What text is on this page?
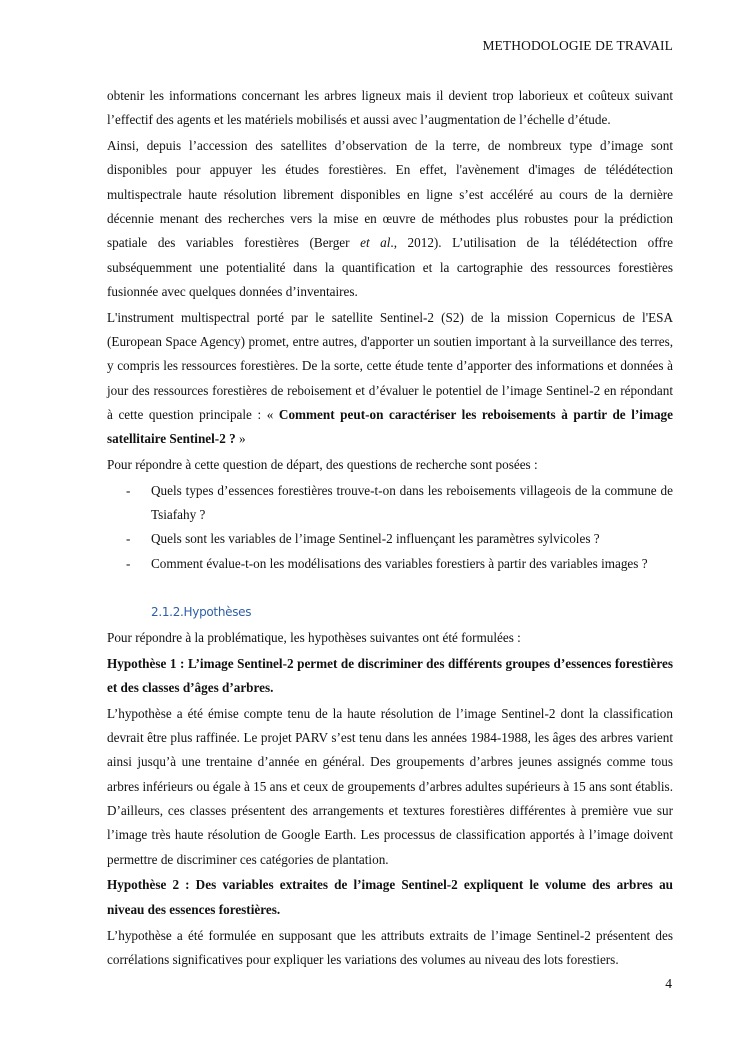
METHODOLOGIE DE TRAVAIL

obtenir les informations concernant les arbres ligneux mais il devient trop laborieux et coûteux suivant l’effectif des agents et les matériels mobilisés et aussi avec l’augmentation de l’échelle d’étude.

Ainsi, depuis l’accession des satellites d’observation de la terre, de nombreux type d’image sont disponibles pour appuyer les études forestières. En effet, l'avènement d'images de télédétection multispectrale haute résolution librement disponibles en ligne s’est accéléré au cours de la dernière décennie menant des recherches vers la mise en œuvre de méthodes plus robustes pour la prédiction spatiale des variables forestières (Berger et al., 2012). L’utilisation de la télédétection offre subséquemment une potentialité dans la quantification et la cartographie des ressources forestières fusionnée avec quelques données d’inventaires.

L'instrument multispectral porté par le satellite Sentinel-2 (S2) de la mission Copernicus de l'ESA (European Space Agency) promet, entre autres, d'apporter un soutien important à la surveillance des terres, y compris les ressources forestières. De la sorte, cette étude tente d’apporter des informations et données à jour des ressources forestières de reboisement et d’évaluer le potentiel de l’image Sentinel-2 en répondant à cette question principale : « Comment peut-on caractériser les reboisements à partir de l’image satellitaire Sentinel-2 ? »

Pour répondre à cette question de départ, des questions de recherche sont posées :

- Quels types d’essences forestières trouve-t-on dans les reboisements villageois de la commune de Tsiafahy ?
- Quels sont les variables de l’image Sentinel-2 influençant les paramètres sylvicoles ?
- Comment évalue-t-on les modélisations des variables forestiers à partir des variables images ?
2.1.2.Hypothèses

Pour répondre à la problématique, les hypothèses suivantes ont été formulées :

Hypothèse 1 : L’image Sentinel-2 permet de discriminer des différents groupes d’essences forestières et des classes d’âges d’arbres.

L’hypothèse a été émise compte tenu de la haute résolution de l’image Sentinel-2 dont la classification devrait être plus raffinée. Le projet PARV s’est tenu dans les années 1984-1988, les âges des arbres varient ainsi jusqu’à une trentaine d’année en général. Des groupements d’arbres jeunes assignés comme tous arbres inférieurs ou égale à 15 ans et ceux de groupements d’arbres adultes supérieurs à 15 ans sont établis. D’ailleurs, ces classes présentent des arrangements et textures forestières différentes à première vue sur l’image très haute résolution de Google Earth. Les processus de classification apportés à l’image doivent permettre de discriminer ces catégories de plantation.

Hypothèse 2 : Des variables extraites de l’image Sentinel-2 expliquent le volume des arbres au niveau des essences forestières.

L’hypothèse a été formulée en supposant que les attributs extraits de l’image Sentinel-2 présentent des corrélations significatives pour expliquer les variations des volumes au niveau des lots forestiers.

4
